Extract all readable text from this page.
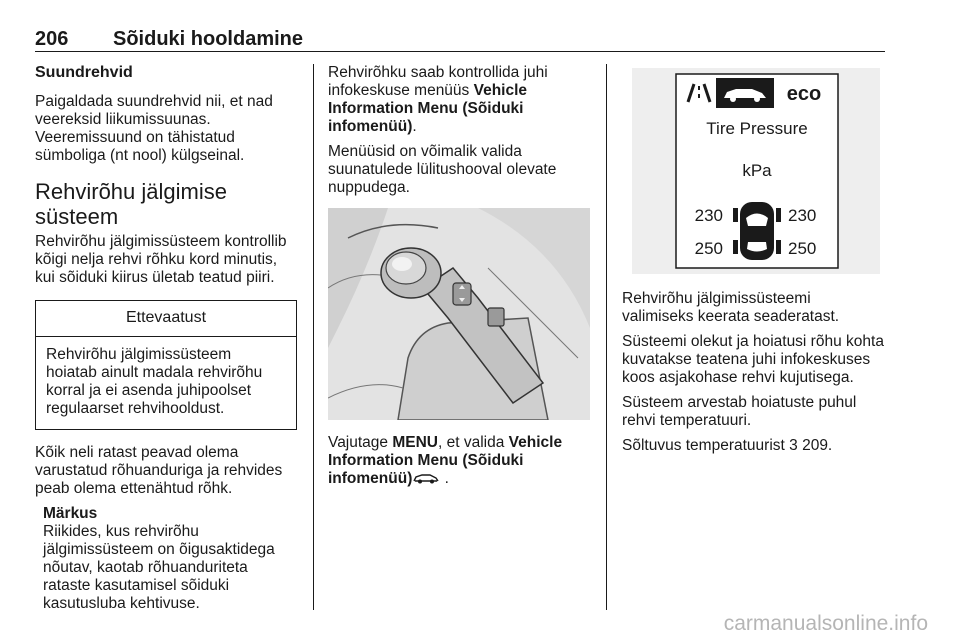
206 Sõiduki hooldamine
Suundrehvid

Paigaldada suundrehvid nii, et nad veereksid liikumissuunas. Veeremissuund on tähistatud sümboliga (nt nool) külgseinal.

Rehvirõhu jälgimise süsteem

Rehvirõhu jälgimissüsteem kontrollib kõigi nelja rehvi rõhku kord minutis, kui sõiduki kiirus ületab teatud piiri.

Ettevaatust
Rehvirõhu jälgimissüsteem hoiatab ainult madala rehvirõhu korral ja ei asenda juhipoolset regulaarset rehvihooldust.

Kõik neli ratast peavad olema varustatud rõhuanduriga ja rehvides peab olema ettenähtud rõhk.

Märkus
Riikides, kus rehvirõhu jälgimissüsteem on õigusaktidega nõutav, kaotab rõhuanduriteta rataste kasutamisel sõiduki kasutusluba kehtivuse.

Rehvirõhku saab kontrollida juhi infokeskuse menüüs Vehicle Information Menu (Sõiduki infomenüü).

Menüüsid on võimalik valida suunatulede lülitushooval olevate nuppudega.

Vajutage MENU, et valida Vehicle Information Menu (Sõiduki infomenüü) .

eco
Tire Pressure
kPa
230	230
250	250

Rehvirõhu jälgimissüsteemi valimiseks keerata seaderatast.

Süsteemi olekut ja hoiatusi rõhu kohta kuvatakse teatena juhi infokeskuses koos asjakohase rehvi kujutisega.

Süsteem arvestab hoiatuste puhul rehvi temperatuuri.

Sõltuvus temperatuurist 3 209.

carmanualsonline.info
